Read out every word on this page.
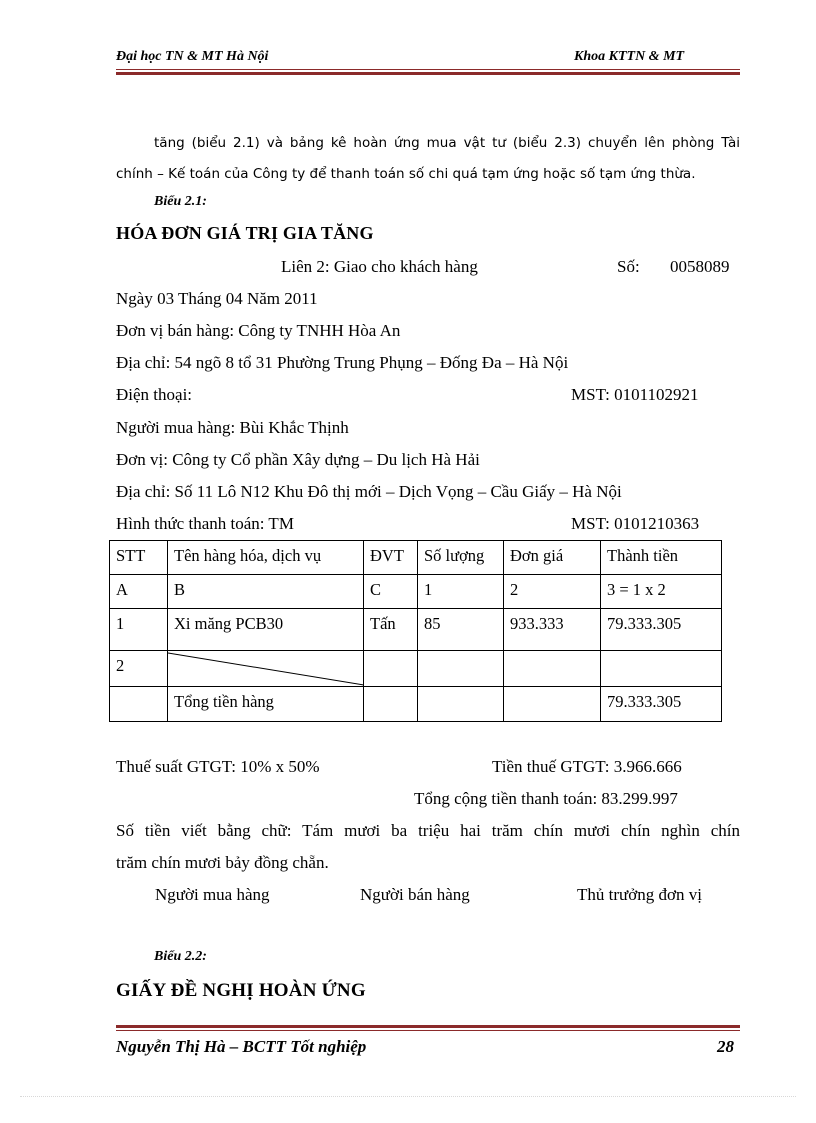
Đại học TN & MT Hà Nội	Khoa KTTN & MT
tăng (biểu 2.1) và bảng kê hoàn ứng mua vật tư (biểu 2.3) chuyển lên phòng Tài
chính – Kế toán của Công ty để thanh toán số chi quá tạm ứng hoặc số tạm ứng thừa.
Biểu 2.1:
HÓA ĐƠN GIÁ TRỊ GIA TĂNG
Liên 2: Giao cho khách hàng	Số: 0058089
Ngày 03 Tháng 04 Năm 2011
Đơn vị bán hàng: Công ty TNHH Hòa An
Địa chỉ: 54 ngõ 8 tổ 31 Phường Trung Phụng – Đống Đa – Hà Nội
Điện thoại:	MST: 0101102921
Người mua hàng: Bùi Khắc Thịnh
Đơn vị: Công ty Cổ phần Xây dựng – Du lịch Hà Hải
Địa chỉ: Số 11 Lô N12 Khu Đô thị mới – Dịch Vọng – Cầu Giấy – Hà Nội
Hình thức thanh toán: TM	MST: 0101210363
STT	Tên hàng hóa, dịch vụ	ĐVT	Số lượng	Đơn giá	Thành tiền
A	B	C	1	2	3 = 1 x 2
1	Xi măng PCB30	Tấn	85	933.333	79.333.305
2	

	Tổng tiền hàng				79.333.305
Thuế suất GTGT: 10% x 50%	Tiền thuế GTGT: 3.966.666
Tổng cộng tiền thanh toán: 83.299.997
Số tiền viết bằng chữ: Tám mươi ba triệu hai trăm chín mươi chín nghìn chín
trăm chín mươi bảy đồng chẵn.
Người mua hàng	Người bán hàng	Thủ trưởng đơn vị
Biểu 2.2:
GIẤY ĐỀ NGHỊ HOÀN ỨNG
Nguyễn Thị Hà – BCTT Tốt nghiệp	28
